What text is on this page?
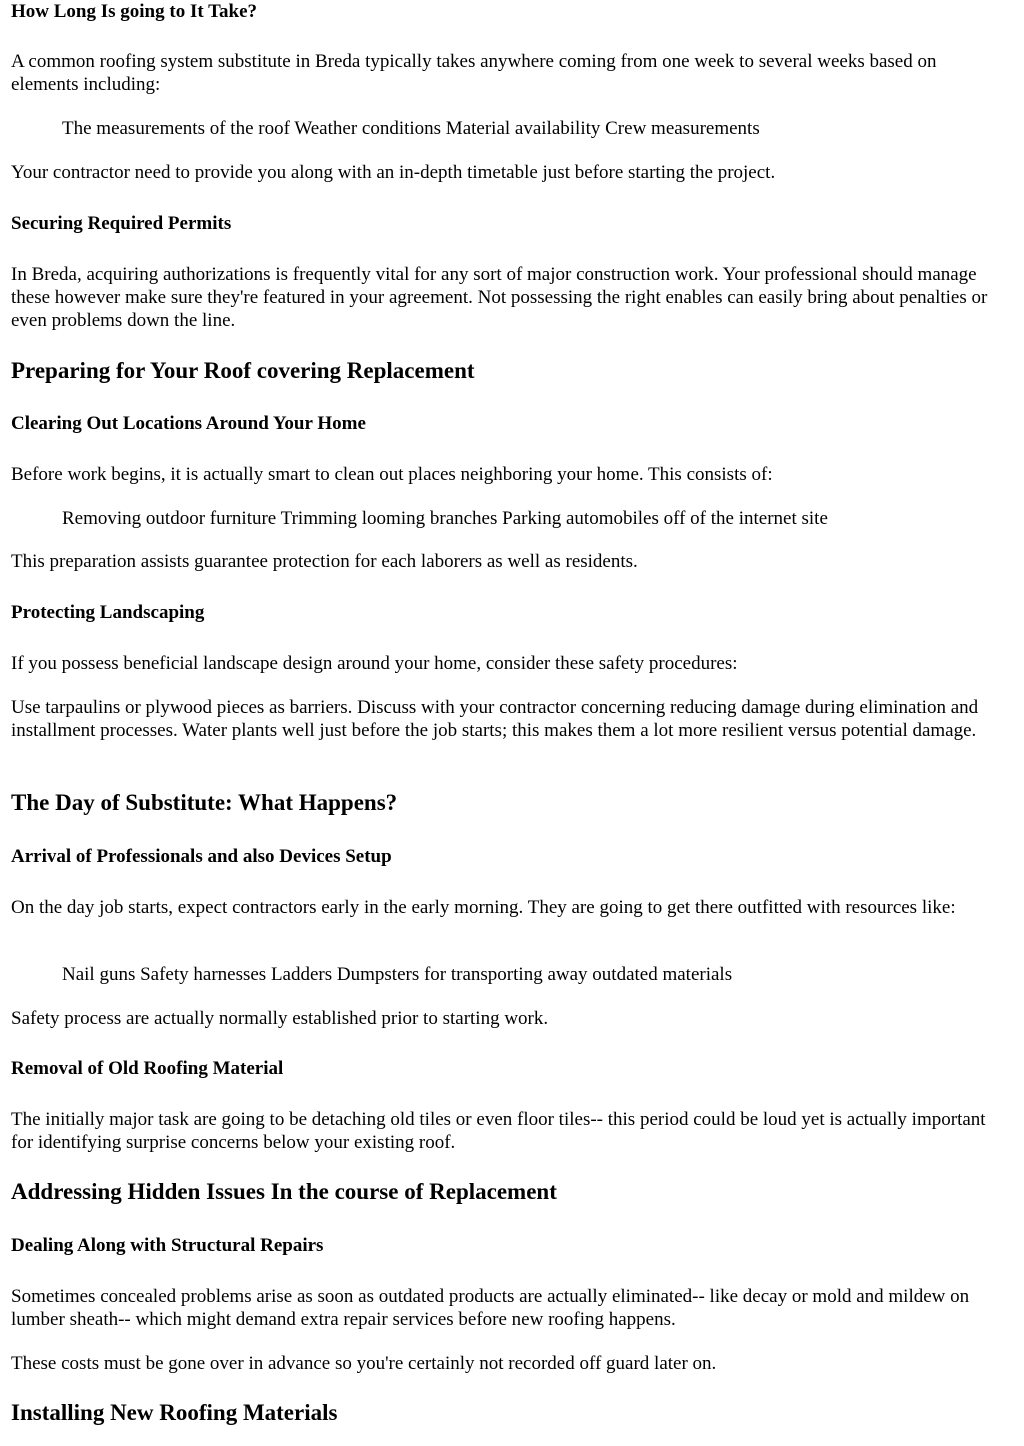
How Long Is going to It Take?

A common roofing system substitute in Breda typically takes anywhere coming from one week to several weeks based on elements including:

The measurements of the roof Weather conditions Material availability Crew measurements

Your contractor need to provide you along with an in-depth timetable just before starting the project.

Securing Required Permits

In Breda, acquiring authorizations is frequently vital for any sort of major construction work. Your professional should manage these however make sure they're featured in your agreement. Not possessing the right enables can easily bring about penalties or even problems down the line.

Preparing for Your Roof covering Replacement
Clearing Out Locations Around Your Home

Before work begins, it is actually smart to clean out places neighboring your home. This consists of:

Removing outdoor furniture Trimming looming branches Parking automobiles off of the internet site

This preparation assists guarantee protection for each laborers as well as residents.

Protecting Landscaping

If you possess beneficial landscape design around your home, consider these safety procedures:

Use tarpaulins or plywood pieces as barriers. Discuss with your contractor concerning reducing damage during elimination and installment processes. Water plants well just before the job starts; this makes them a lot more resilient versus potential damage.

The Day of Substitute: What Happens?
Arrival of Professionals and also Devices Setup

On the day job starts, expect contractors early in the early morning. They are going to get there outfitted with resources like:

Nail guns Safety harnesses Ladders Dumpsters for transporting away outdated materials

Safety process are actually normally established prior to starting work.

Removal of Old Roofing Material

The initially major task are going to be detaching old tiles or even floor tiles-- this period could be loud yet is actually important for identifying surprise concerns below your existing roof.

Addressing Hidden Issues In the course of Replacement
Dealing Along with Structural Repairs

Sometimes concealed problems arise as soon as outdated products are actually eliminated-- like decay or mold and mildew on lumber sheath-- which might demand extra repair services before new roofing happens.

These costs must be gone over in advance so you're certainly not recorded off guard later on.

Installing New Roofing Materials
